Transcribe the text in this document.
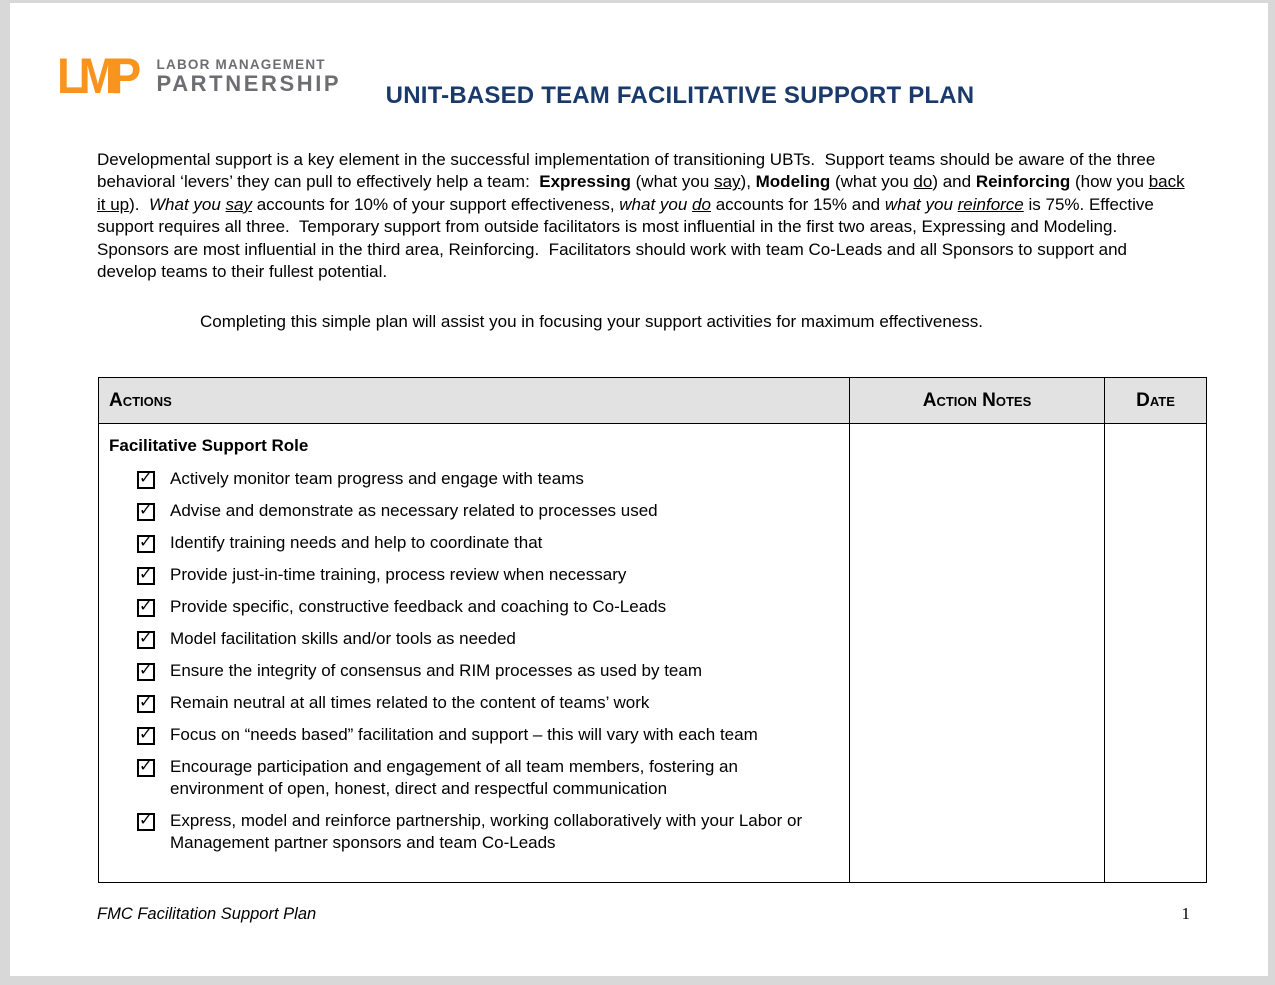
LMP	LABOR MANAGEMENT
PARTNERSHIP	UNIT-BASED TEAM FACILITATIVE SUPPORT PLAN

Developmental support is a key element in the successful implementation of transitioning UBTs.  Support teams should be aware of the three behavioral ‘levers’ they can pull to effectively help a team:  Expressing (what you say), Modeling (what you do) and Reinforcing (how you back it up).  What you say accounts for 10% of your support effectiveness, what you do accounts for 15% and what you reinforce is 75%. Effective support requires all three.  Temporary support from outside facilitators is most influential in the first two areas, Expressing and Modeling.  Sponsors are most influential in the third area, Reinforcing.  Facilitators should work with team Co-Leads and all Sponsors to support and develop teams to their fullest potential.

Completing this simple plan will assist you in focusing your support activities for maximum effectiveness.
Actions	Action Notes	Date
Facilitative Support Role
✓
Actively monitor team progress and engage with teams
✓
Advise and demonstrate as necessary related to processes used
✓
Identify training needs and help to coordinate that
✓
Provide just-in-time training, process review when necessary
✓
Provide specific, constructive feedback and coaching to Co-Leads
✓
Model facilitation skills and/or tools as needed
✓
Ensure the integrity of consensus and RIM processes as used by team
✓
Remain neutral at all times related to the content of teams’ work
✓
Focus on “needs based” facilitation and support – this will vary with each team
✓
Encourage participation and engagement of all team members, fostering an environment of open, honest, direct and respectful communication
✓
Express, model and reinforce partnership, working collaboratively with your Labor or Management partner sponsors and team Co-Leads
FMC Facilitation Support Plan	1
